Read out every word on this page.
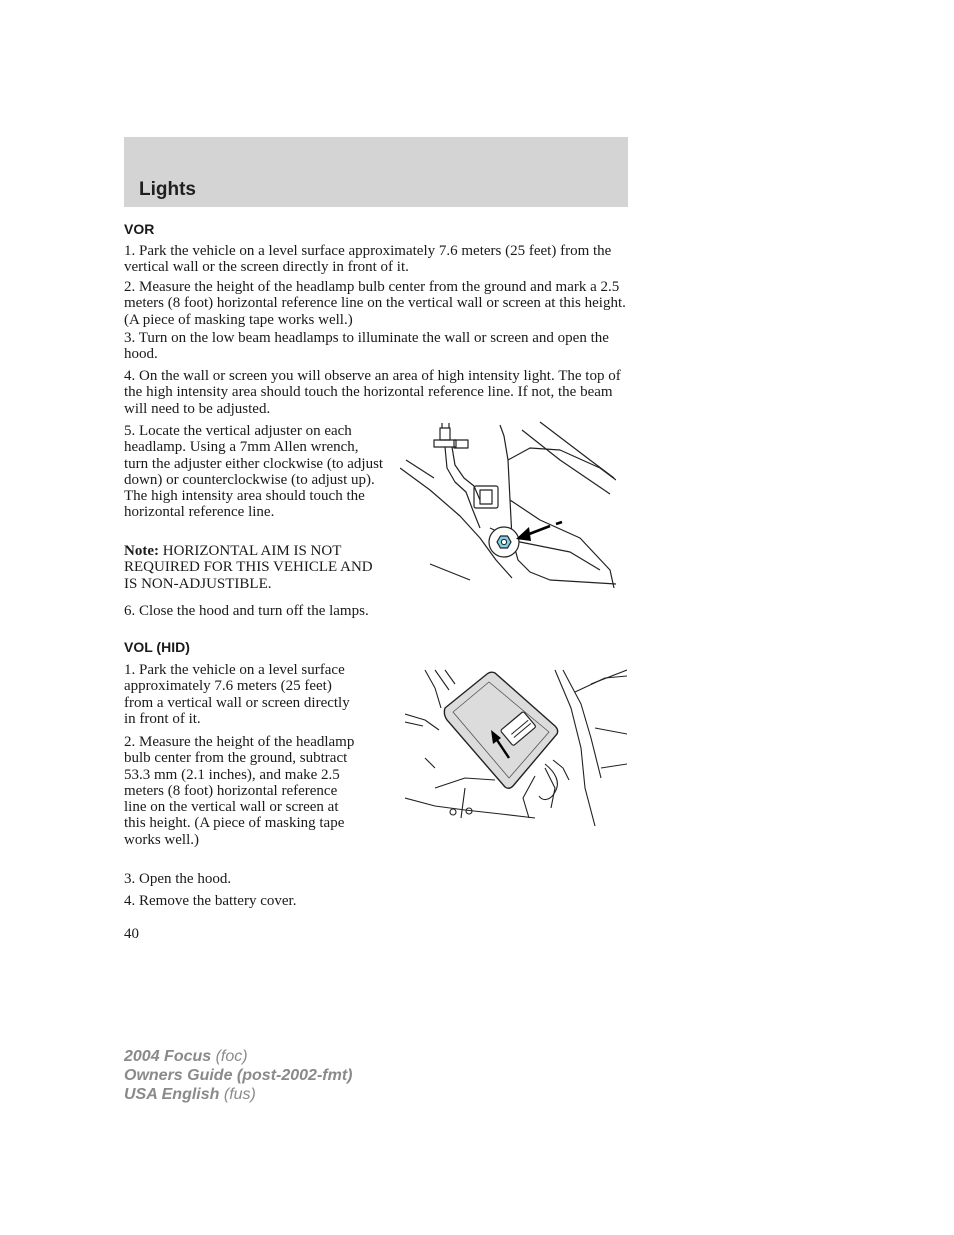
Lights
VOR

1. Park the vehicle on a level surface approximately 7.6 meters (25 feet) from the vertical wall or the screen directly in front of it.

2. Measure the height of the headlamp bulb center from the ground and mark a 2.5 meters (8 foot) horizontal reference line on the vertical wall or screen at this height. (A piece of masking tape works well.)

3. Turn on the low beam headlamps to illuminate the wall or screen and open the hood.

4. On the wall or screen you will observe an area of high intensity light. The top of the high intensity area should touch the horizontal reference line. If not, the beam will need to be adjusted.

5. Locate the vertical adjuster on each headlamp. Using a 7mm Allen wrench, turn the adjuster either clockwise (to adjust down) or counterclockwise (to adjust up). The high intensity area should touch the horizontal reference line.

Note: HORIZONTAL AIM IS NOT REQUIRED FOR THIS VEHICLE AND IS NON-ADJUSTIBLE.

6. Close the hood and turn off the lamps.

VOL (HID)

1. Park the vehicle on a level surface approximately 7.6 meters (25 feet) from a vertical wall or screen directly in front of it.

2. Measure the height of the headlamp bulb center from the ground, subtract 53.3 mm (2.1 inches), and make 2.5 meters (8 foot) horizontal reference line on the vertical wall or screen at this height. (A piece of masking tape works well.)

3. Open the hood.

4. Remove the battery cover.

40
2004 Focus (foc)
Owners Guide (post-2002-fmt)
USA English (fus)
